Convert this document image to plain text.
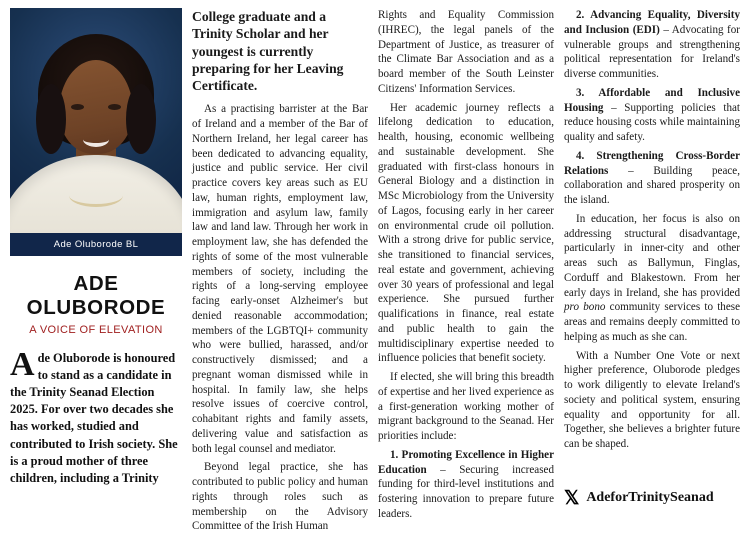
Ade Oluborode BL
ADE OLUBORODE
A VOICE OF ELEVATION
Ade Oluborode is honoured to stand as a candidate in the Trinity Seanad Election 2025. For over two decades she has worked, studied and contributed to Irish society. She is a proud mother of three children, including a Trinity

College graduate and a Trinity Scholar and her youngest is currently preparing for her Leaving Certificate.

As a practising barrister at the Bar of Ireland and a member of the Bar of Northern Ireland, her legal career has been dedicated to advancing equality, justice and public service. Her civil practice covers key areas such as EU law, human rights, employment law, immigration and asylum law, family law and land law. Through her work in employment law, she has defended the rights of some of the most vulnerable members of society, including the rights of a long-serving employee facing early-onset Alzheimer's but denied reasonable accommodation; members of the LGBTQI+ community who were bullied, harassed, and/or constructively dismissed; and a pregnant woman dismissed while in hospital. In family law, she helps resolve issues of coercive control, cohabitant rights and family assets, delivering value and satisfaction as both legal counsel and mediator.

Beyond legal practice, she has contributed to public policy and human rights through roles such as membership on the Advisory Committee of the Irish Human

Rights and Equality Commission (IHREC), the legal panels of the Department of Justice, as treasurer of the Climate Bar Association and as a board member of the South Leinster Citizens' Information Services.

Her academic journey reflects a lifelong dedication to education, health, housing, economic wellbeing and sustainable development. She graduated with first-class honours in General Biology and a distinction in MSc Microbiology from the University of Lagos, focusing early in her career on environmental crude oil pollution. With a strong drive for public service, she transitioned to financial services, real estate and government, achieving over 30 years of professional and legal experience. She pursued further qualifications in finance, real estate and public health to gain the multidisciplinary expertise needed to influence policies that benefit society.

If elected, she will bring this breadth of expertise and her lived experience as a first-generation working mother of migrant background to the Seanad. Her priorities include:

1. Promoting Excellence in Higher Education – Securing increased funding for third-level institutions and fostering innovation to prepare future leaders.

2. Advancing Equality, Diversity and Inclusion (EDI) – Advocating for vulnerable groups and strengthening political representation for Ireland's diverse communities.

3. Affordable and Inclusive Housing – Supporting policies that reduce housing costs while maintaining quality and safety.

4. Strengthening Cross-Border Relations – Building peace, collaboration and shared prosperity on the island.

In education, her focus is also on addressing structural disadvantage, particularly in inner-city and other areas such as Ballymun, Finglas, Corduff and Blakestown. From her early days in Ireland, she has provided pro bono community services to these areas and remains deeply committed to helping as much as she can.

With a Number One Vote or next higher preference, Oluborode pledges to work diligently to elevate Ireland's society and political system, ensuring equality and opportunity for all. Together, she believes a brighter future can be shaped.

𝕏 AdeforTrinitySeanad
